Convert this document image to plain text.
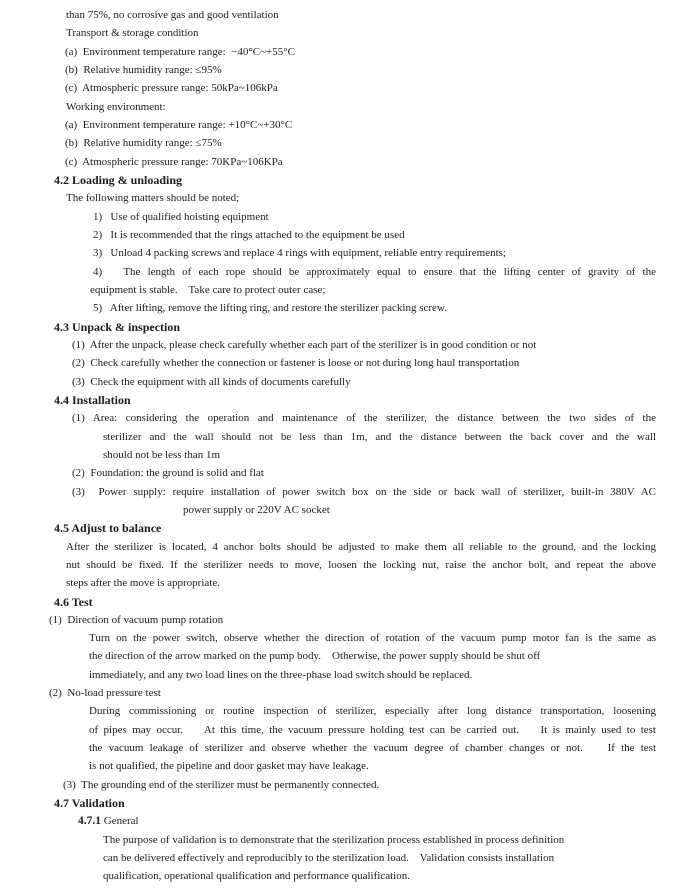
than 75%, no corrosive gas and good ventilation
Transport & storage condition
(a)  Environment temperature range:  −40°C~+55°C
(b)  Relative humidity range: ≤95%
(c)  Atmospheric pressure range: 50kPa~106kPa
Working environment:
(a)  Environment temperature range: +10°C~+30°C
(b)  Relative humidity range: ≤75%
(c)  Atmospheric pressure range: 70KPa~106KPa
4.2 Loading & unloading
The following matters should be noted;
1)   Use of qualified hoisting equipment
2)   It is recommended that the rings attached to the equipment be used
3)   Unload 4 packing screws and replace 4 rings with equipment, reliable entry requirements;
4)   The length of each rope should be approximately equal to ensure that the lifting center of gravity of the
equipment is stable.    Take care to protect outer case;
5)   After lifting, remove the lifting ring, and restore the sterilizer packing screw.
4.3 Unpack & inspection
(1)  After the unpack, please check carefully whether each part of the sterilizer is in good condition or not
(2)  Check carefully whether the connection or fastener is loose or not during long haul transportation
(3)  Check the equipment with all kinds of documents carefully
4.4 Installation
(1) Area: considering the operation and maintenance of the sterilizer, the distance between the two sides of the
sterilizer and the wall should not be less than 1m, and the distance between the back cover and the wall
should not be less than 1m
(2)  Foundation: the ground is solid and flat
(3)  Power supply: require installation of power switch box on the side or back wall of sterilizer, built-in 380V AC
power supply or 220V AC socket
4.5 Adjust to balance
After the sterilizer is located, 4 anchor bolts should be adjusted to make them all reliable to the ground, and the locking
nut should be fixed. If the sterilizer needs to move, loosen the locking nut, raise the anchor bolt, and repeat the above
steps after the move is appropriate.
4.6 Test
(1)  Direction of vacuum pump rotation
Turn on the power switch, observe whether the direction of rotation of the vacuum pump motor fan is the same as
the direction of the arrow marked on the pump body.    Otherwise, the power supply should be shut off
immediately, and any two load lines on the three-phase load switch should be replaced.
(2)  No-load pressure test
During commissioning or routine inspection of sterilizer, especially after long distance transportation, loosening
of pipes may occur.    At this time, the vacuum pressure holding test can be carried out.    It is mainly used to test
the vacuum leakage of sterilizer and observe whether the vacuum degree of chamber changes or not.    If the test
is not qualified, the pipeline and door gasket may have leakage.
(3)  The grounding end of the sterilizer must be permanently connected.
4.7 Validation
4.7.1 General
The purpose of validation is to demonstrate that the sterilization process established in process definition
can be delivered effectively and reproducibly to the sterilization load.    Validation consists installation
qualification, operational qualification and performance qualification.
